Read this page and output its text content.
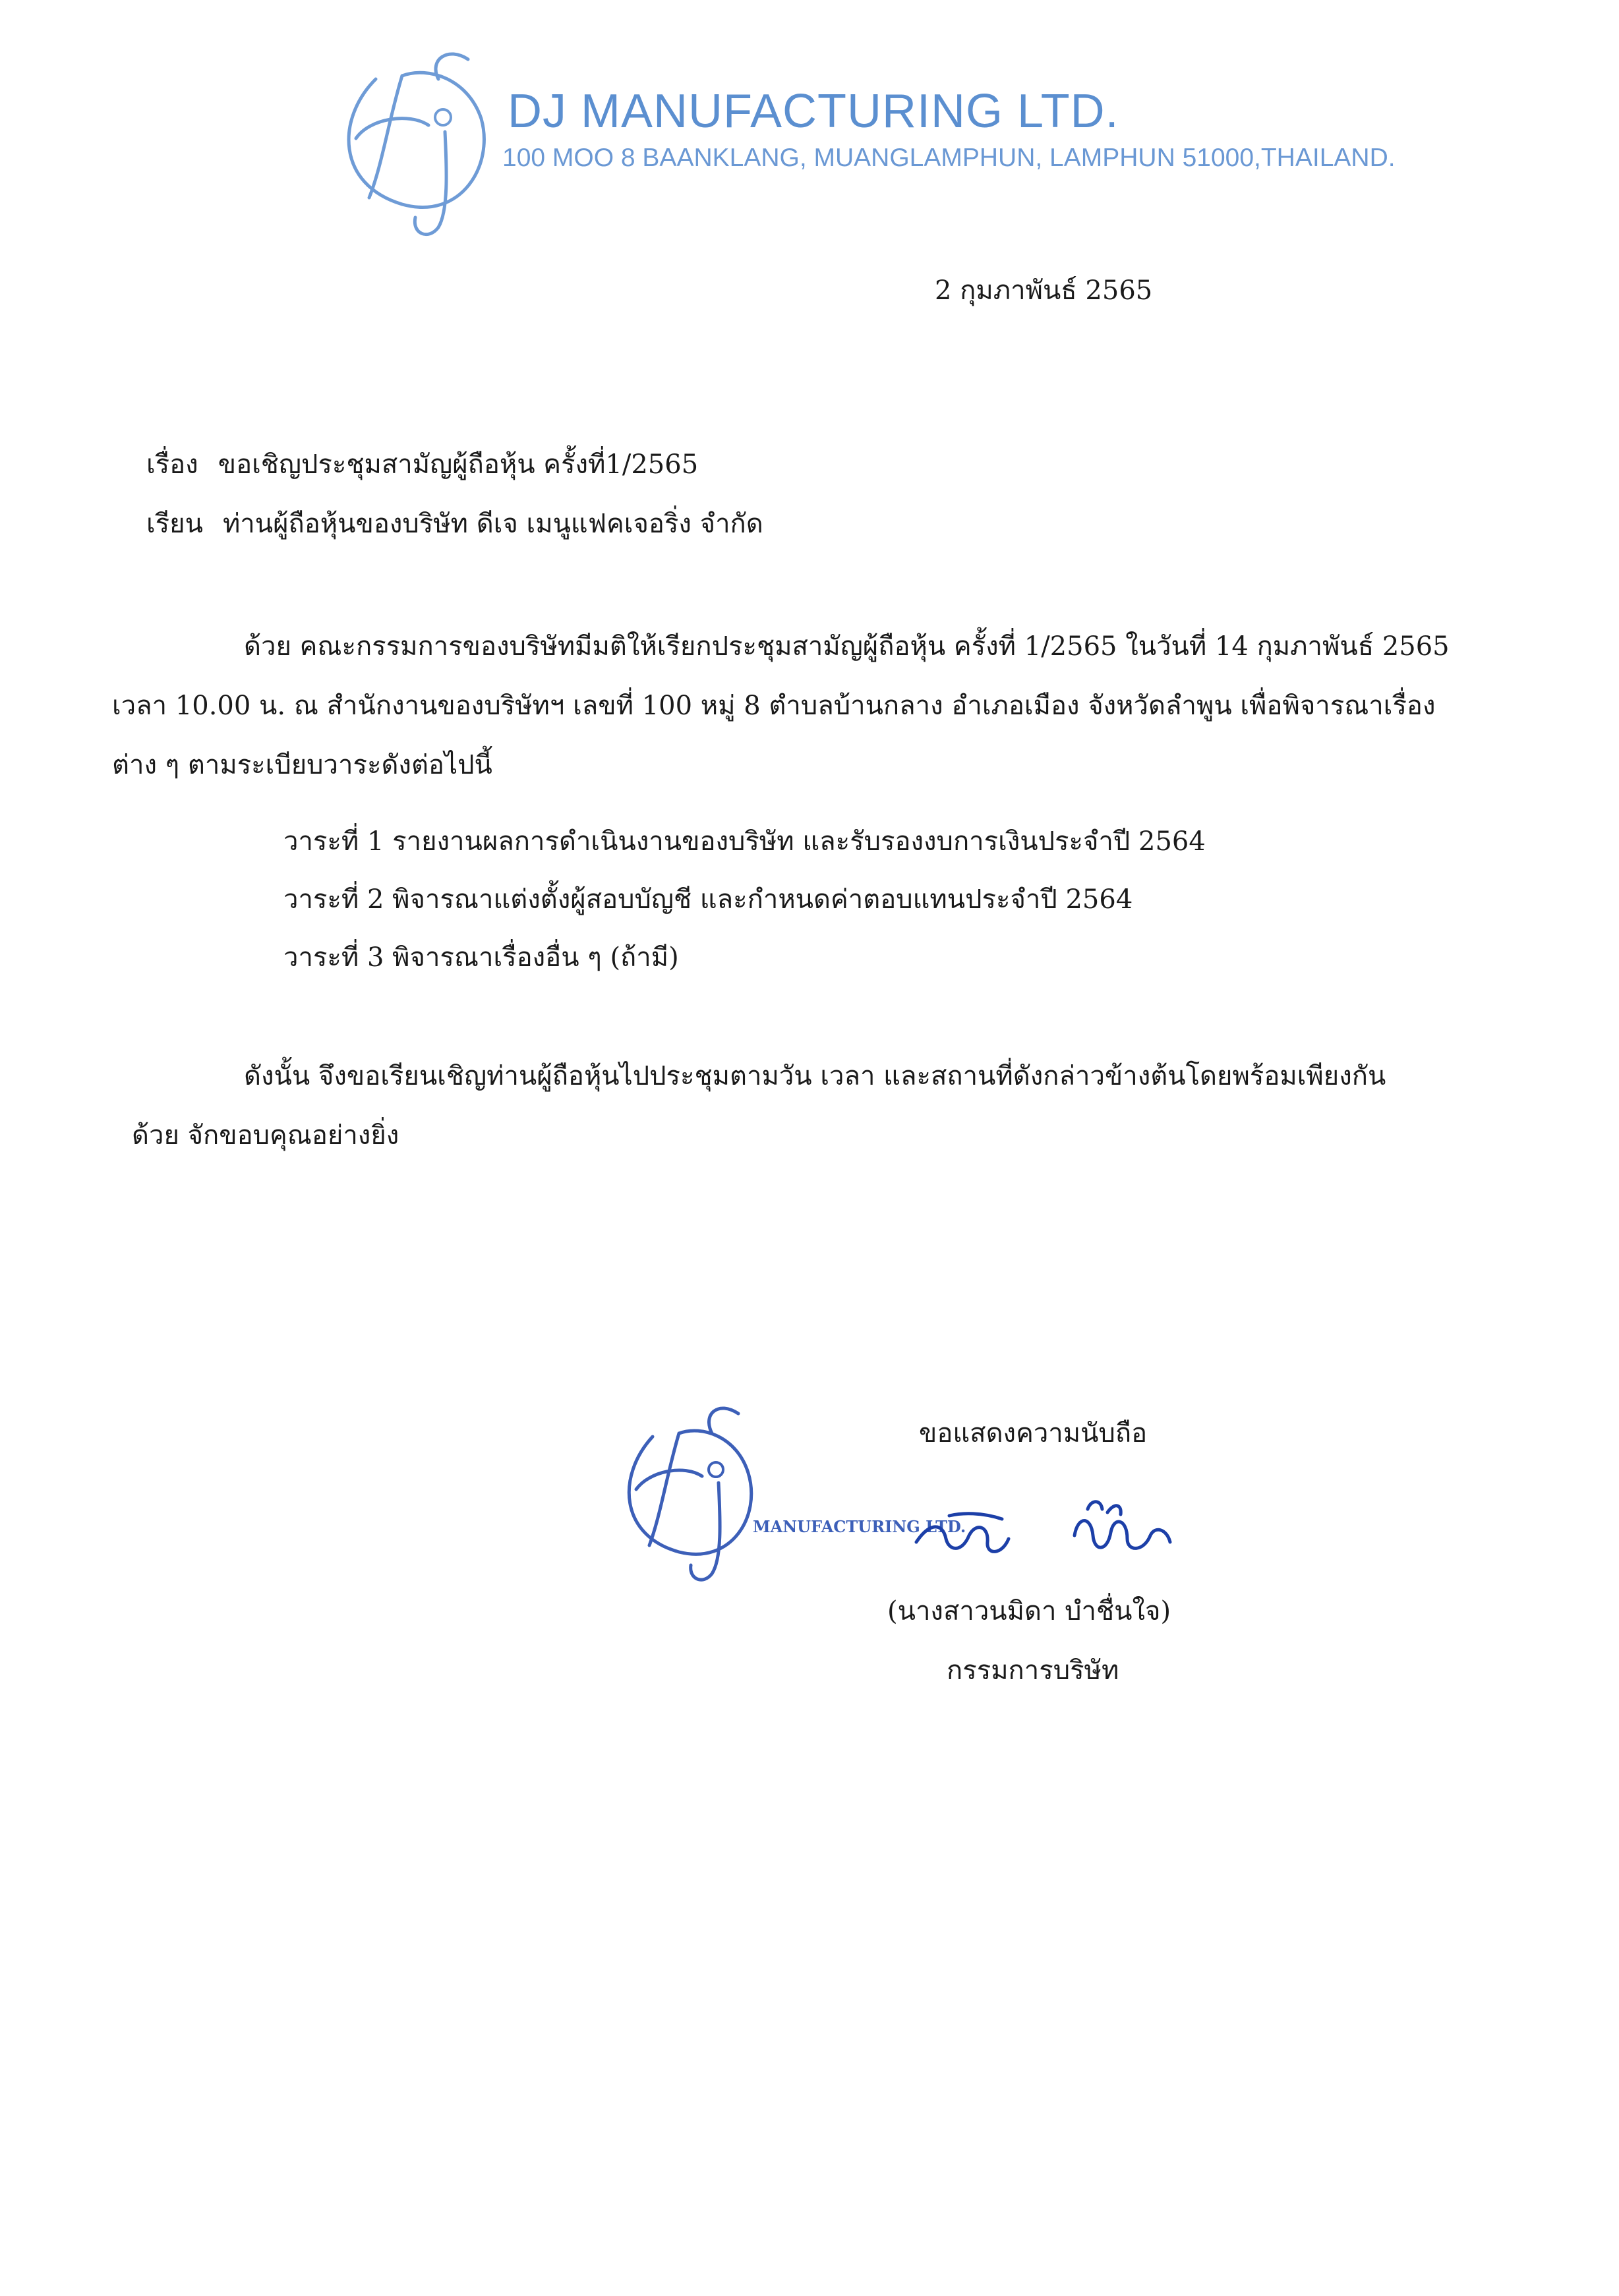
DJ MANUFACTURING LTD.
100 MOO 8 BAANKLANG, MUANGLAMPHUN, LAMPHUN 51000,THAILAND.
2 กุมภาพันธ์ 2565
เรื่อง ขอเชิญประชุมสามัญผู้ถือหุ้น ครั้งที่1/2565
เรียน ท่านผู้ถือหุ้นของบริษัท ดีเจ เมนูแฟคเจอริ่ง จำกัด
ด้วย คณะกรรมการของบริษัทมีมติให้เรียกประชุมสามัญผู้ถือหุ้น ครั้งที่ 1/2565 ในวันที่ 14 กุมภาพันธ์ 2565
เวลา 10.00 น. ณ สำนักงานของบริษัทฯ เลขที่ 100 หมู่ 8 ตำบลบ้านกลาง อำเภอเมือง จังหวัดลำพูน เพื่อพิจารณาเรื่อง
ต่าง ๆ ตามระเบียบวาระดังต่อไปนี้
วาระที่ 1 รายงานผลการดำเนินงานของบริษัท และรับรองงบการเงินประจำปี 2564
วาระที่ 2 พิจารณาแต่งตั้งผู้สอบบัญชี และกำหนดค่าตอบแทนประจำปี 2564
วาระที่ 3 พิจารณาเรื่องอื่น ๆ (ถ้ามี)
ดังนั้น จึงขอเรียนเชิญท่านผู้ถือหุ้นไปประชุมตามวัน เวลา และสถานที่ดังกล่าวข้างต้นโดยพร้อมเพียงกัน
ด้วย จักขอบคุณอย่างยิ่ง
ขอแสดงความนับถือ
MANUFACTURING LTD.
(นางสาวนมิดา บำชื่นใจ)
กรรมการบริษัท
